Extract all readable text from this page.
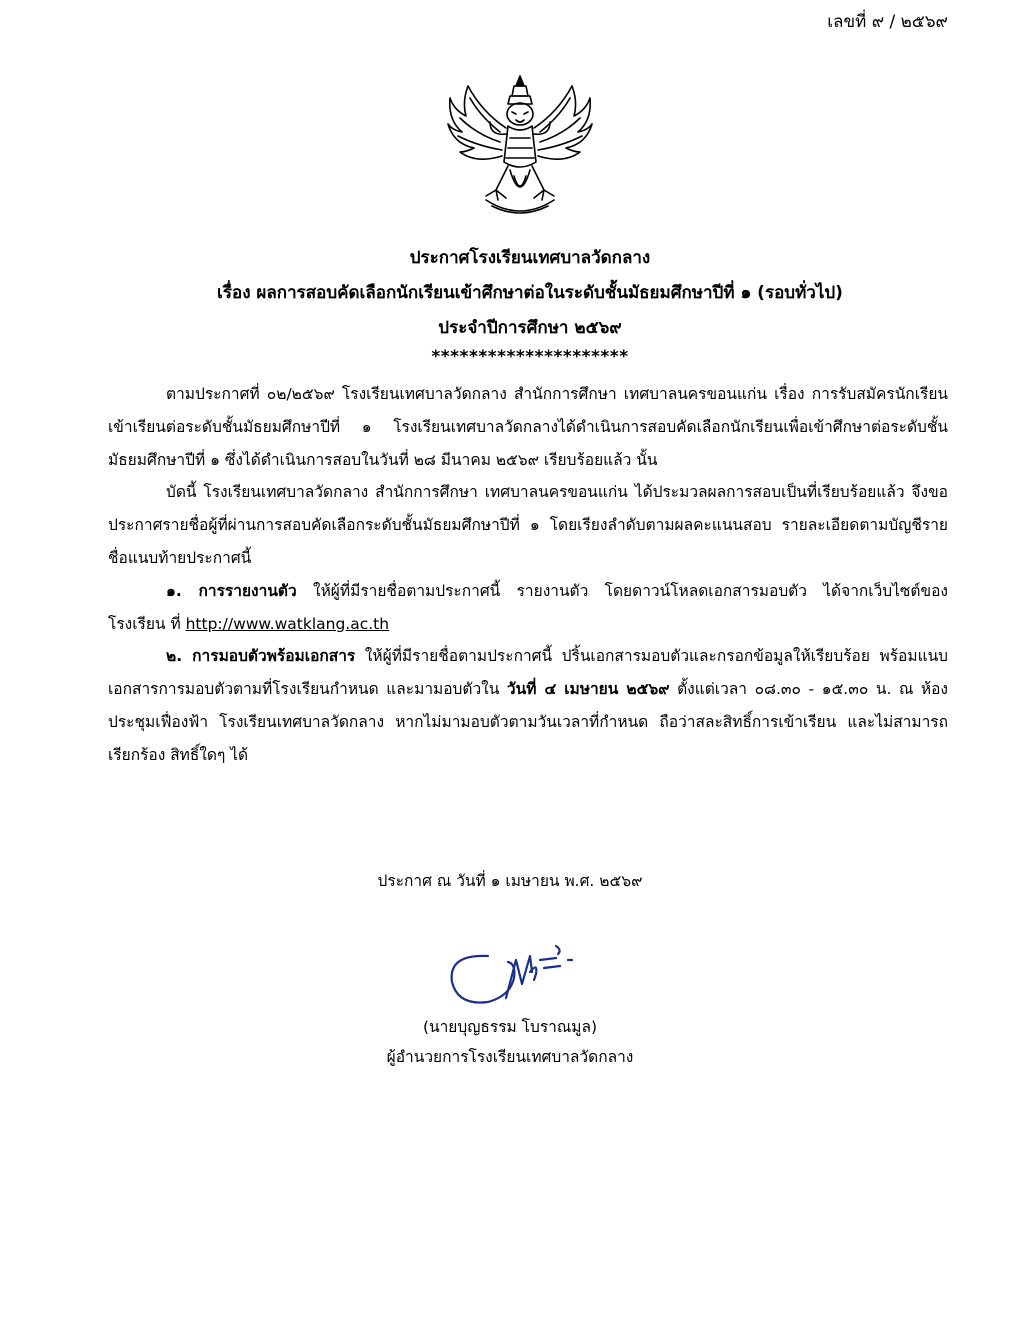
เลขที่ ๙ / ๒๕๖๙
ประกาศโรงเรียนเทศบาลวัดกลาง
เรื่อง ผลการสอบคัดเลือกนักเรียนเข้าศึกษาต่อในระดับชั้นมัธยมศึกษาปีที่ ๑ (รอบทั่วไป)
ประจำปีการศึกษา ๒๕๖๙
*********************

ตามประกาศที่ ๐๒/๒๕๖๙ โรงเรียนเทศบาลวัดกลาง สำนักการศึกษา เทศบาลนครขอนแก่น เรื่อง การรับสมัครนักเรียนเข้าเรียนต่อระดับชั้นมัธยมศึกษาปีที่ ๑ โรงเรียนเทศบาลวัดกลางได้ดำเนินการสอบคัดเลือกนักเรียนเพื่อเข้าศึกษาต่อระดับชั้นมัธยมศึกษาปีที่ ๑ ซึ่งได้ดำเนินการสอบในวันที่ ๒๘ มีนาคม ๒๕๖๙ เรียบร้อยแล้ว นั้น

บัดนี้ โรงเรียนเทศบาลวัดกลาง สำนักการศึกษา เทศบาลนครขอนแก่น ได้ประมวลผลการสอบเป็นที่เรียบร้อยแล้ว จึงขอประกาศรายชื่อผู้ที่ผ่านการสอบคัดเลือกระดับชั้นมัธยมศึกษาปีที่ ๑ โดยเรียงลำดับตามผลคะแนนสอบ รายละเอียดตามบัญชีรายชื่อแนบท้ายประกาศนี้

๑. การรายงานตัว ให้ผู้ที่มีรายชื่อตามประกาศนี้ รายงานตัว โดยดาวน์โหลดเอกสารมอบตัว ได้จากเว็บไซต์ของโรงเรียน ที่ http://www.watklang.ac.th

๒. การมอบตัวพร้อมเอกสาร ให้ผู้ที่มีรายชื่อตามประกาศนี้ ปริ้นเอกสารมอบตัวและกรอกข้อมูลให้เรียบร้อย พร้อมแนบเอกสารการมอบตัวตามที่โรงเรียนกำหนด และมามอบตัวใน วันที่ ๔ เมษายน ๒๕๖๙ ตั้งแต่เวลา ๐๘.๓๐ - ๑๕.๓๐ น. ณ ห้องประชุมเฟื่องฟ้า โรงเรียนเทศบาลวัดกลาง หากไม่มามอบตัวตามวันเวลาที่กำหนด ถือว่าสละสิทธิ์การเข้าเรียน และไม่สามารถเรียกร้อง สิทธิ์ใดๆ ได้

ประกาศ ณ วันที่ ๑ เมษายน พ.ศ. ๒๕๖๙
(นายบุญธรรม โบราณมูล)
ผู้อำนวยการโรงเรียนเทศบาลวัดกลาง
